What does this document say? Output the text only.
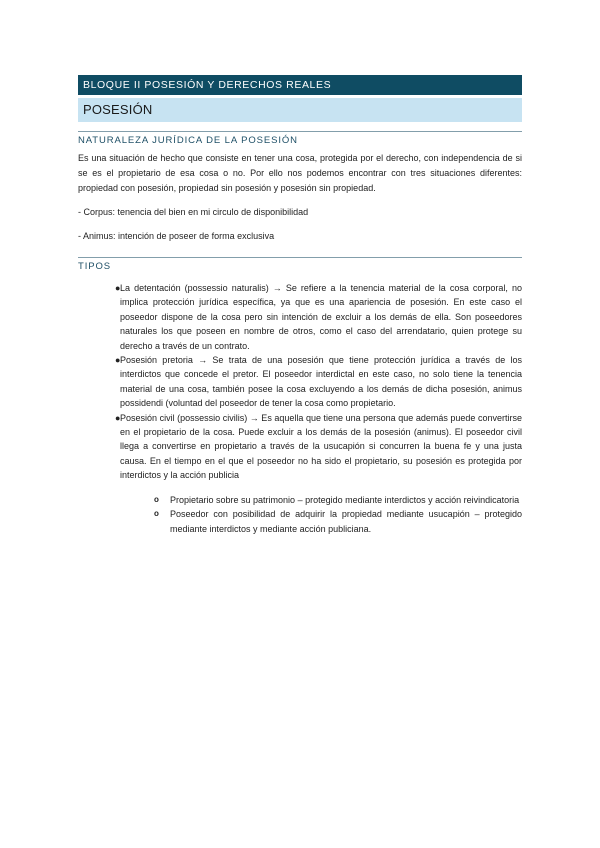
BLOQUE II POSESIÓN Y DERECHOS REALES
POSESIÓN
NATURALEZA JURÍDICA DE LA POSESIÓN

Es una situación de hecho que consiste en tener una cosa, protegida por el derecho, con independencia de si se es el propietario de esa cosa o no. Por ello nos podemos encontrar con tres situaciones diferentes: propiedad con posesión, propiedad sin posesión y posesión sin propiedad.

- Corpus: tenencia del bien en mi circulo de disponibilidad

- Animus: intención de poseer de forma exclusiva

TIPOS
●
La detentación (possessio naturalis) → Se refiere a la tenencia material de la cosa corporal, no implica protección jurídica específica, ya que es una apariencia de posesión. En este caso el poseedor dispone de la cosa pero sin intención de excluir a los demás de ella. Son poseedores naturales los que poseen en nombre de otros, como el caso del arrendatario, quien protege su derecho a través de un contrato.
●
Posesión pretoria → Se trata de una posesión que tiene protección jurídica a través de los interdictos que concede el pretor. El poseedor interdictal en este caso, no solo tiene la tenencia material de una cosa, también posee la cosa excluyendo a los demás de dicha posesión, animus possidendi (voluntad del poseedor de tener la cosa como propietario.
●
Posesión civil (possessio civilis) → Es aquella que tiene una persona que además puede convertirse en el propietario de la cosa. Puede excluir a los demás de la posesión (animus). El poseedor civil llega a convertirse en propietario a través de la usucapión si concurren la buena fe y una justa causa. En el tiempo en el que el poseedor no ha sido el propietario, su posesión es protegida por interdictos y la acción publicia
o
Propietario sobre su patrimonio – protegido mediante interdictos y acción reivindicatoria
o
Poseedor con posibilidad de adquirir la propiedad mediante usucapión – protegido mediante interdictos y mediante acción publiciana.
